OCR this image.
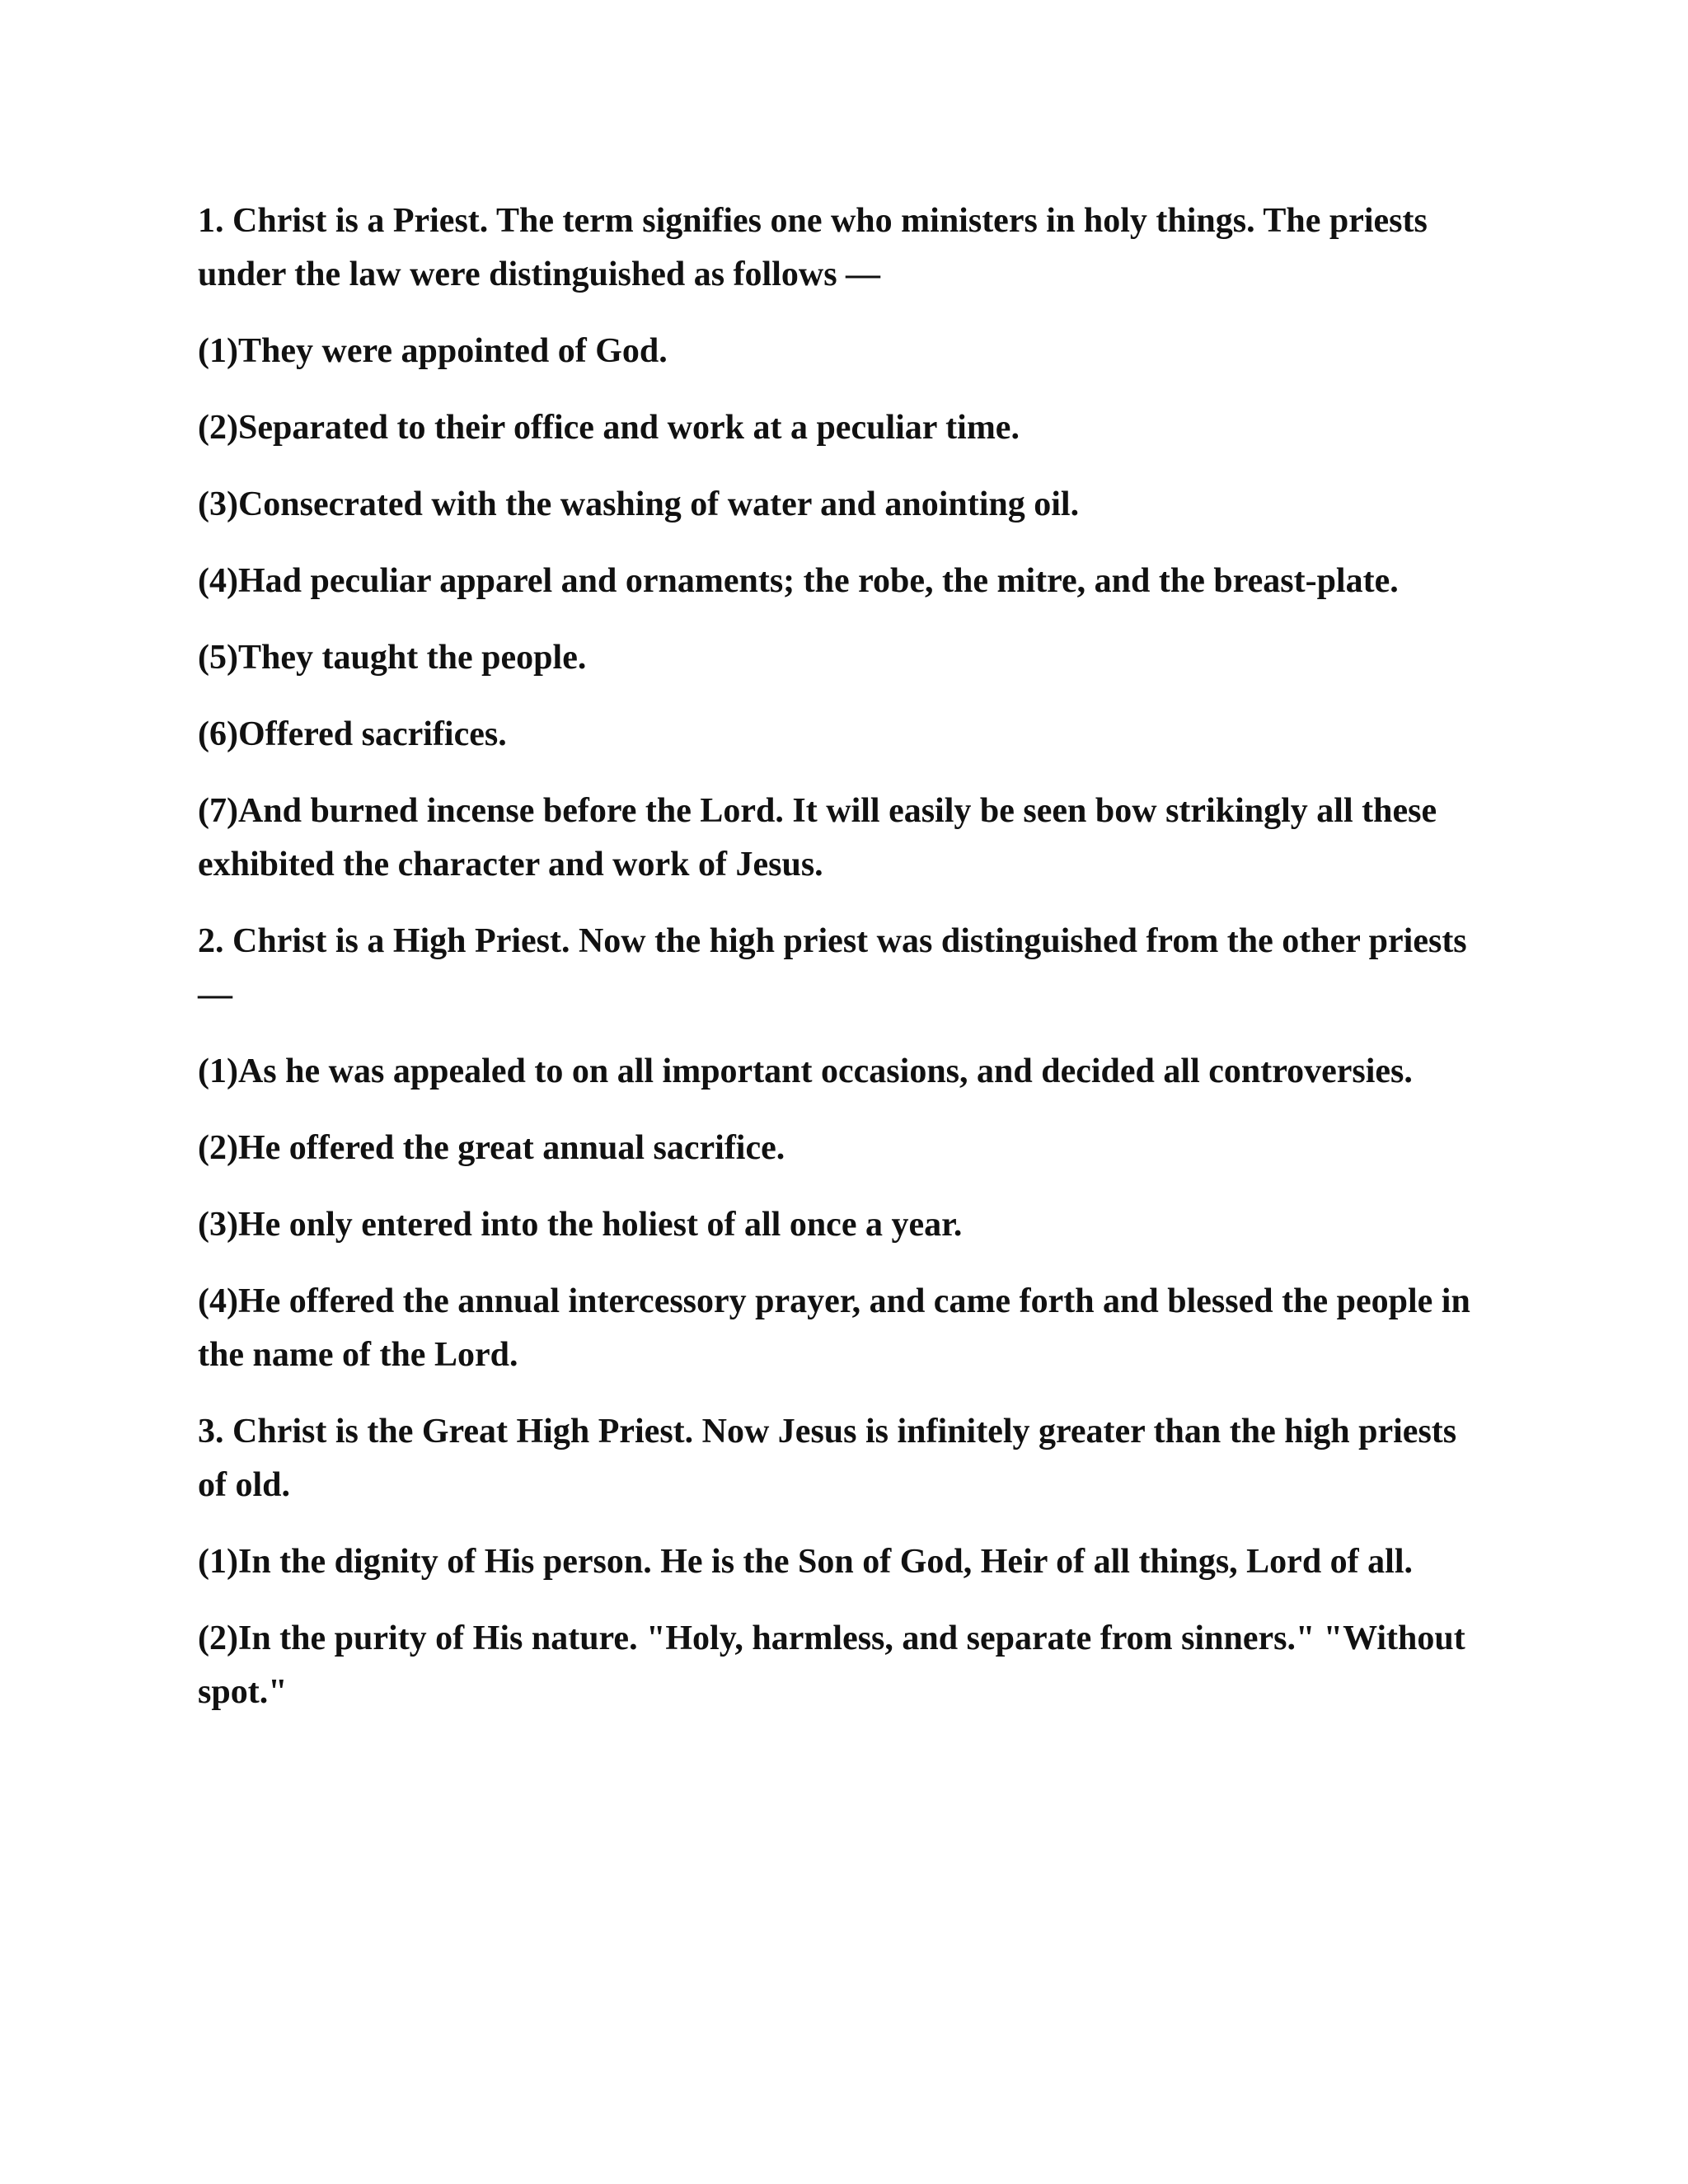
1. Christ is a Priest. The term signifies one who ministers in holy things. The priests under the law were distinguished as follows —

(1)They were appointed of God.

(2)Separated to their office and work at a peculiar time.

(3)Consecrated with the washing of water and anointing oil.

(4)Had peculiar apparel and ornaments; the robe, the mitre, and the breast-plate.

(5)They taught the people.

(6)Offered sacrifices.

(7)And burned incense before the Lord. It will easily be seen bow strikingly all these exhibited the character and work of Jesus.

2. Christ is a High Priest. Now the high priest was distinguished from the other priests —

(1)As he was appealed to on all important occasions, and decided all controversies.

(2)He offered the great annual sacrifice.

(3)He only entered into the holiest of all once a year.

(4)He offered the annual intercessory prayer, and came forth and blessed the people in the name of the Lord.

3. Christ is the Great High Priest. Now Jesus is infinitely greater than the high priests of old.

(1)In the dignity of His person. He is the Son of God, Heir of all things, Lord of all.

(2)In the purity of His nature. "Holy, harmless, and separate from sinners." "Without spot."
